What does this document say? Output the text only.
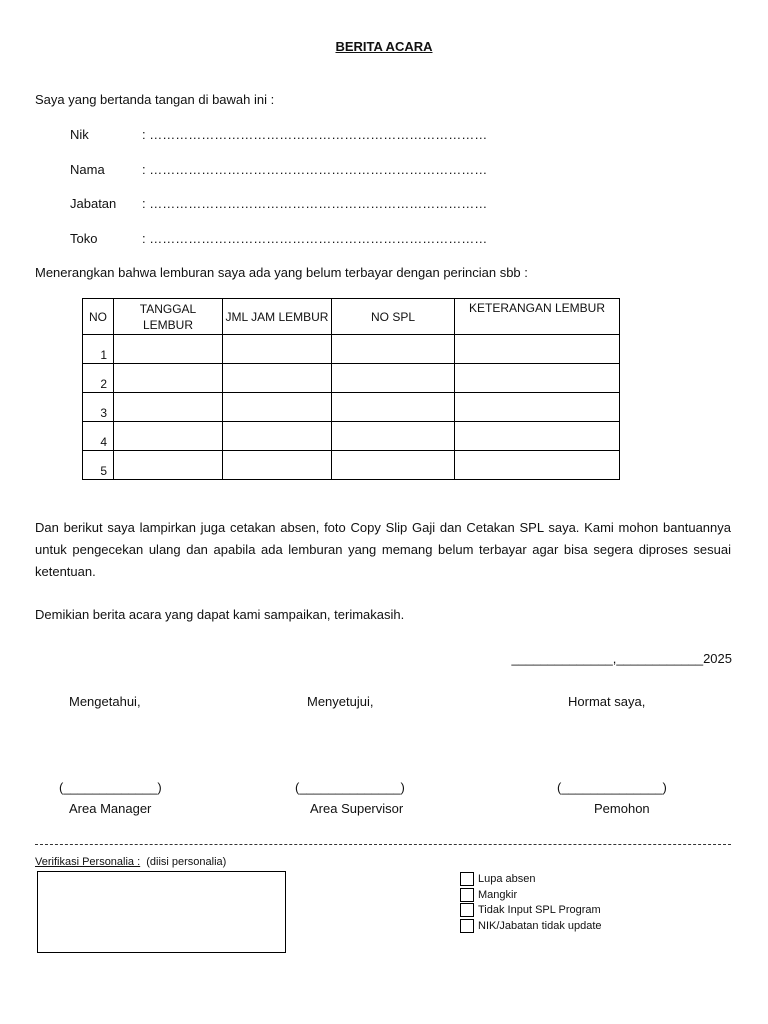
BERITA ACARA
Saya yang bertanda tangan di bawah ini :
Nik	: ……………………………………………………………………
Nama	: ……………………………………………………………………
Jabatan : ……………………………………………………………………
Toko	: ……………………………………………………………………
Menerangkan bahwa lemburan saya ada yang belum terbayar dengan perincian sbb :
NO	TANGGAL LEMBUR	JML JAM LEMBUR	NO SPL	KETERANGAN LEMBUR
1				
2				
3				
4				
5				
Dan berikut saya lampirkan juga cetakan absen, foto Copy Slip Gaji dan Cetakan SPL saya. Kami mohon bantuannya untuk pengecekan ulang dan apabila ada lemburan yang memang belum terbayar agar bisa segera diproses sesuai ketentuan.
Demikian berita acara yang dapat kami sampaikan, terimakasih.
______________,____________2025
Mengetahui,	Menyetujui,	Hormat saya,
(_____________)	(______________)	(______________)
Area Manager	Area Supervisor	Pemohon
Verifikasi Personalia : (diisi personalia)
Lupa absen
Mangkir
Tidak Input SPL Program
NIK/Jabatan tidak update
